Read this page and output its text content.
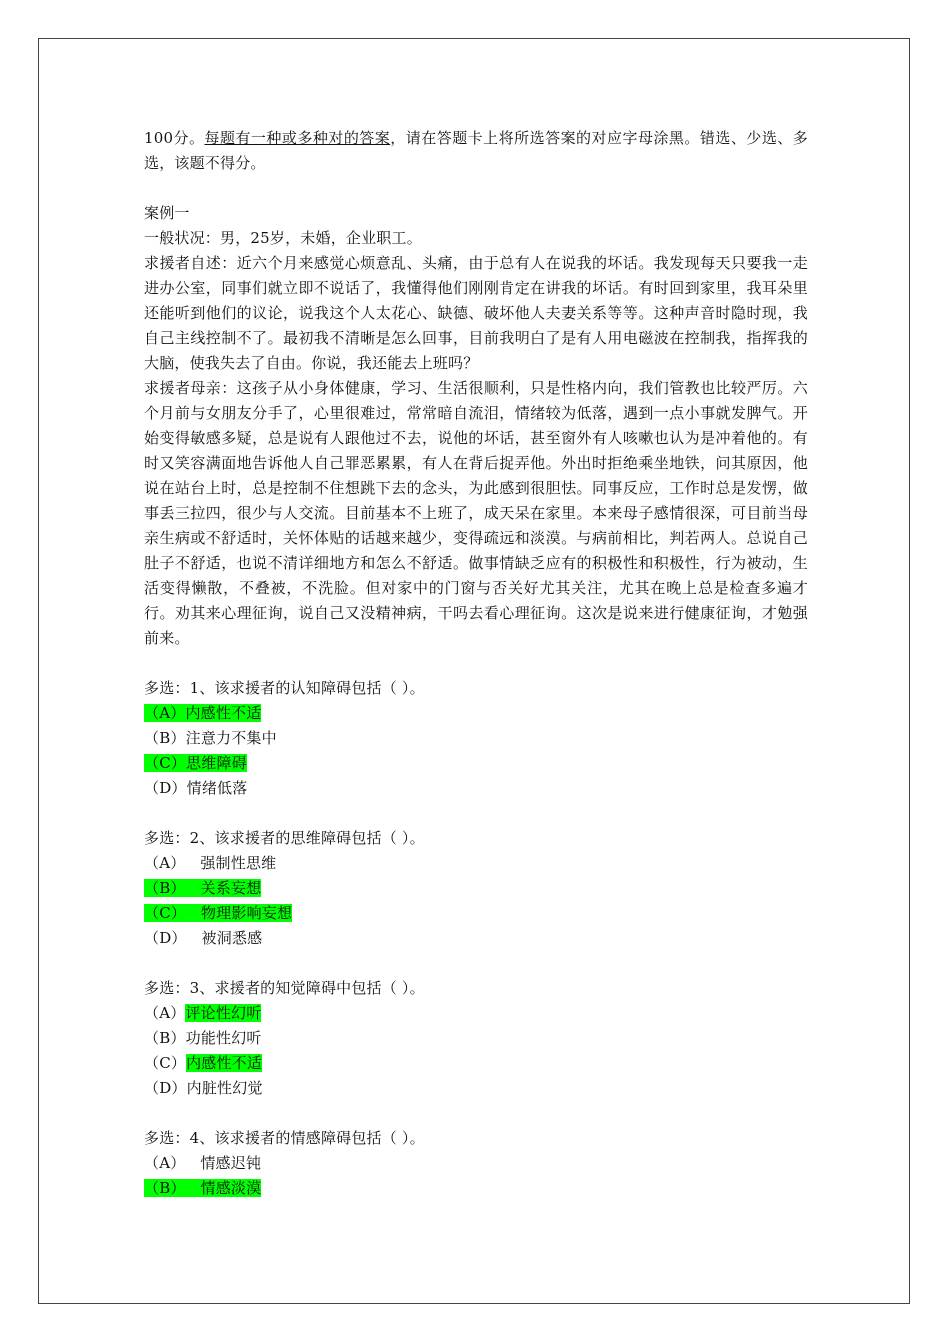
100分。每题有一种或多种对的答案，请在答题卡上将所选答案的对应字母涂黑。错选、少选、多选，该题不得分。

案例一

一般状况：男，25岁，未婚，企业职工。

求援者自述：近六个月来感觉心烦意乱、头痛，由于总有人在说我的坏话。我发现每天只要我一走进办公室，同事们就立即不说话了，我懂得他们刚刚肯定在讲我的坏话。有时回到家里，我耳朵里还能听到他们的议论，说我这个人太花心、缺德、破坏他人夫妻关系等等。这种声音时隐时现，我自己主线控制不了。最初我不清晰是怎么回事，目前我明白了是有人用电磁波在控制我，指挥我的大脑，使我失去了自由。你说，我还能去上班吗？

求援者母亲：这孩子从小身体健康，学习、生活很顺利，只是性格内向，我们管教也比较严厉。六个月前与女朋友分手了，心里很难过，常常暗自流泪，情绪较为低落，遇到一点小事就发脾气。开始变得敏感多疑，总是说有人跟他过不去，说他的坏话，甚至窗外有人咳嗽也认为是冲着他的。有时又笑容满面地告诉他人自己罪恶累累，有人在背后捉弄他。外出时拒绝乘坐地铁，问其原因，他说在站台上时，总是控制不住想跳下去的念头，为此感到很胆怯。同事反应，工作时总是发愣，做事丢三拉四，很少与人交流。目前基本不上班了，成天呆在家里。本来母子感情很深，可目前当母亲生病或不舒适时，关怀体贴的话越来越少，变得疏远和淡漠。与病前相比，判若两人。总说自己肚子不舒适，也说不清详细地方和怎么不舒适。做事情缺乏应有的积极性和积极性，行为被动，生活变得懒散，不叠被，不洗脸。但对家中的门窗与否关好尤其关注，尤其在晚上总是检查多遍才行。劝其来心理征询，说自己又没精神病，干吗去看心理征询。这次是说来进行健康征询，才勉强前来。

多选：1、该求援者的认知障碍包括（ ）。

（A）内感性不适

（B）注意力不集中

（C）思维障碍

（D）情绪低落

多选：2、该求援者的思维障碍包括（ ）。

（A）   强制性思维

（B）   关系妄想

（C）   物理影响妄想

（D）   被洞悉感

多选：3、求援者的知觉障碍中包括（ ）。

（A）评论性幻听

（B）功能性幻听

（C）内感性不适

（D）内脏性幻觉

多选：4、该求援者的情感障碍包括（ ）。

（A）   情感迟钝

（B）   情感淡漠
